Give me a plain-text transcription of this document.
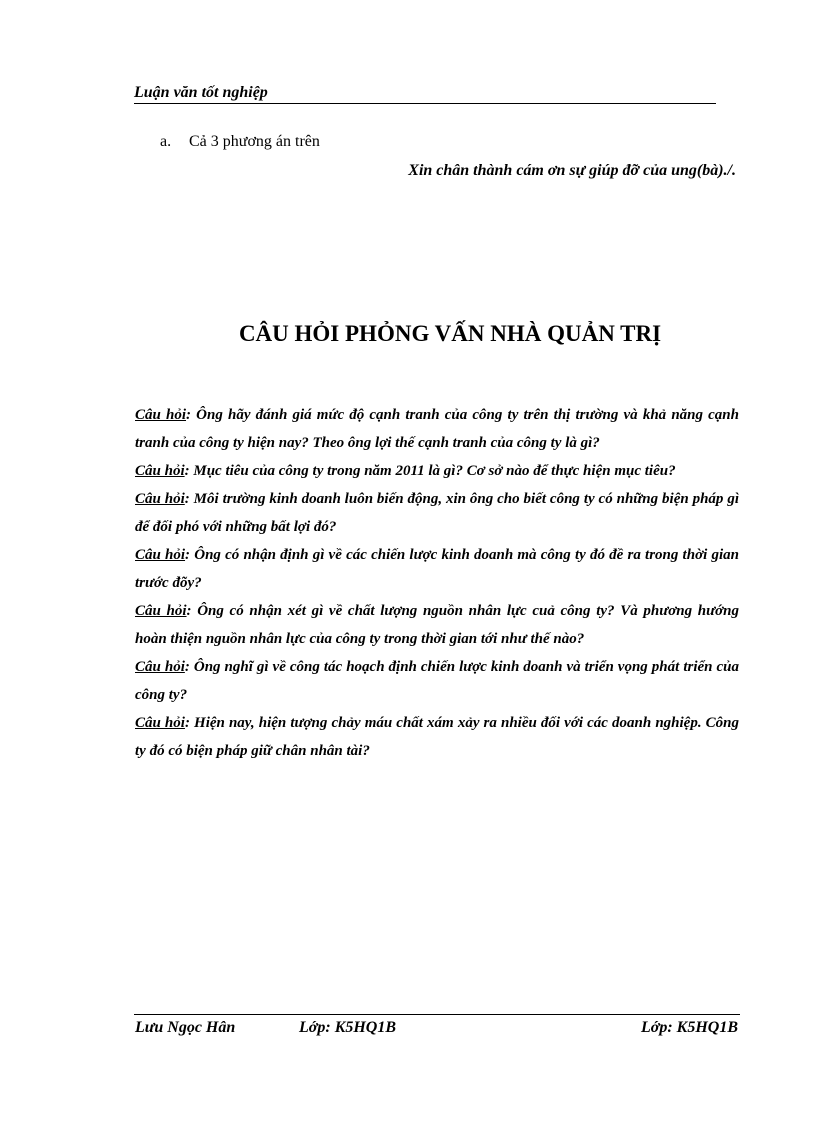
Luận văn tốt nghiệp
a. Cả 3 phương án trên
Xin chân thành cám ơn sự giúp đỡ của ung(bà)./.
CÂU HỎI PHỎNG VẤN NHÀ QUẢN TRỊ

Câu hỏi: Ông hãy đánh giá mức độ cạnh tranh của công ty trên thị trường và khả năng cạnh tranh của công ty hiện nay? Theo ông lợi thế cạnh tranh của công ty là gì?

Câu hỏi: Mục tiêu của công ty trong năm 2011 là gì? Cơ sở nào để thực hiện mục tiêu?

Câu hỏi: Môi trường kinh doanh luôn biến động, xin ông cho biết công ty có những biện pháp gì để đối phó với những bất lợi đó?

Câu hỏi: Ông có nhận định gì về các chiến lược kinh doanh mà công ty đó đề ra trong thời gian trước đõy?

Câu hỏi: Ông có nhận xét gì về chất lượng nguồn nhân lực cuả công ty? Và phương hướng hoàn thiện nguồn nhân lực của công ty trong thời gian tới như thế nào?

Câu hỏi: Ông nghĩ gì về công tác hoạch định chiến lược kinh doanh và triển vọng phát triển của công ty?

Câu hỏi: Hiện nay, hiện tượng chảy máu chất xám xảy ra nhiều đối với các doanh nghiệp. Công ty đó có biện pháp giữ chân nhân tài?

Lưu Ngọc Hân	Lớp: K5HQ1B	Lớp: K5HQ1B
